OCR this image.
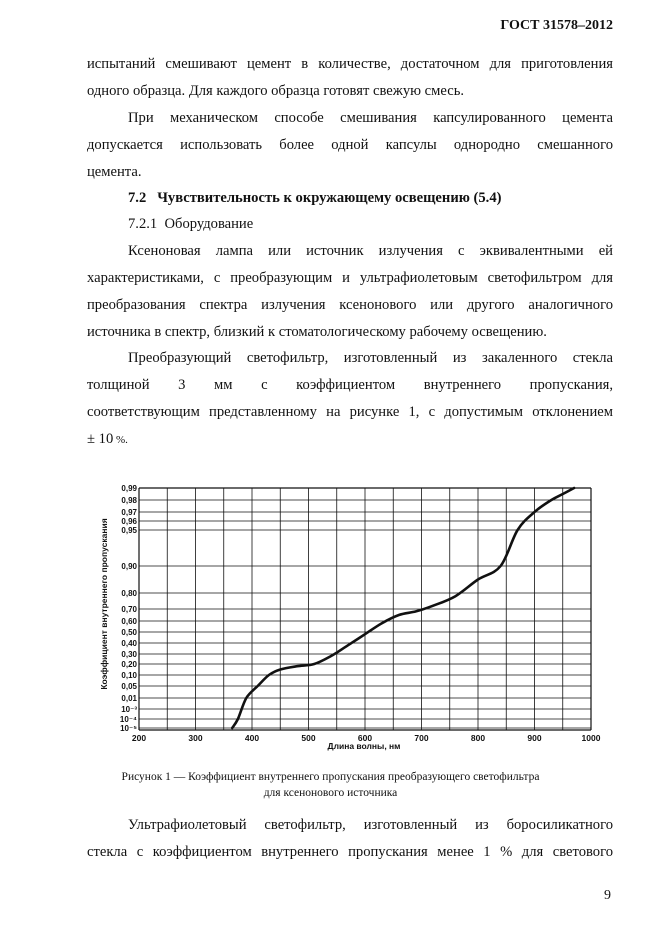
ГОСТ 31578–2012
испытаний смешивают цемент в количестве, достаточном для приготовления
одного образца. Для каждого образца готовят свежую смесь.
При механическом способе смешивания капсулированного цемента
допускается использовать более одной капсулы однородно смешанного
цемента.
7.2 Чувствительность к окружающему освещению (5.4)
7.2.1 Оборудование
Ксеноновая лампа или источник излучения с эквивалентными ей
характеристиками, с преобразующим и ультрафиолетовым светофильтром для
преобразования спектра излучения ксенонового или другого аналогичного
источника в спектр, близкий к стоматологическому рабочему освещению.
Преобразующий светофильтр, изготовленный из закаленного стекла
толщиной 3 мм с коэффициентом внутреннего пропускания,
соответствующим представленному на рисунке 1, с допустимым отклонением
± 10 %.
0,99
0,98
0,97
0,96
0,95
0,90
0,80
0,70
0,60
0,50
0,40
0,30
0,20
0,10
0,05
0,01
10⁻³
10⁻⁴
10⁻⁵
200	300	400	500	600	700	800	900	1000
Коэффициент внутреннего пропускания
Длина волны, нм
Рисунок 1 — Коэффициент внутреннего пропускания преобразующего светофильтра
для ксенонового источника
Ультрафиолетовый светофильтр, изготовленный из боросиликатного
стекла с коэффициентом внутреннего пропускания менее 1 % для светового
9
